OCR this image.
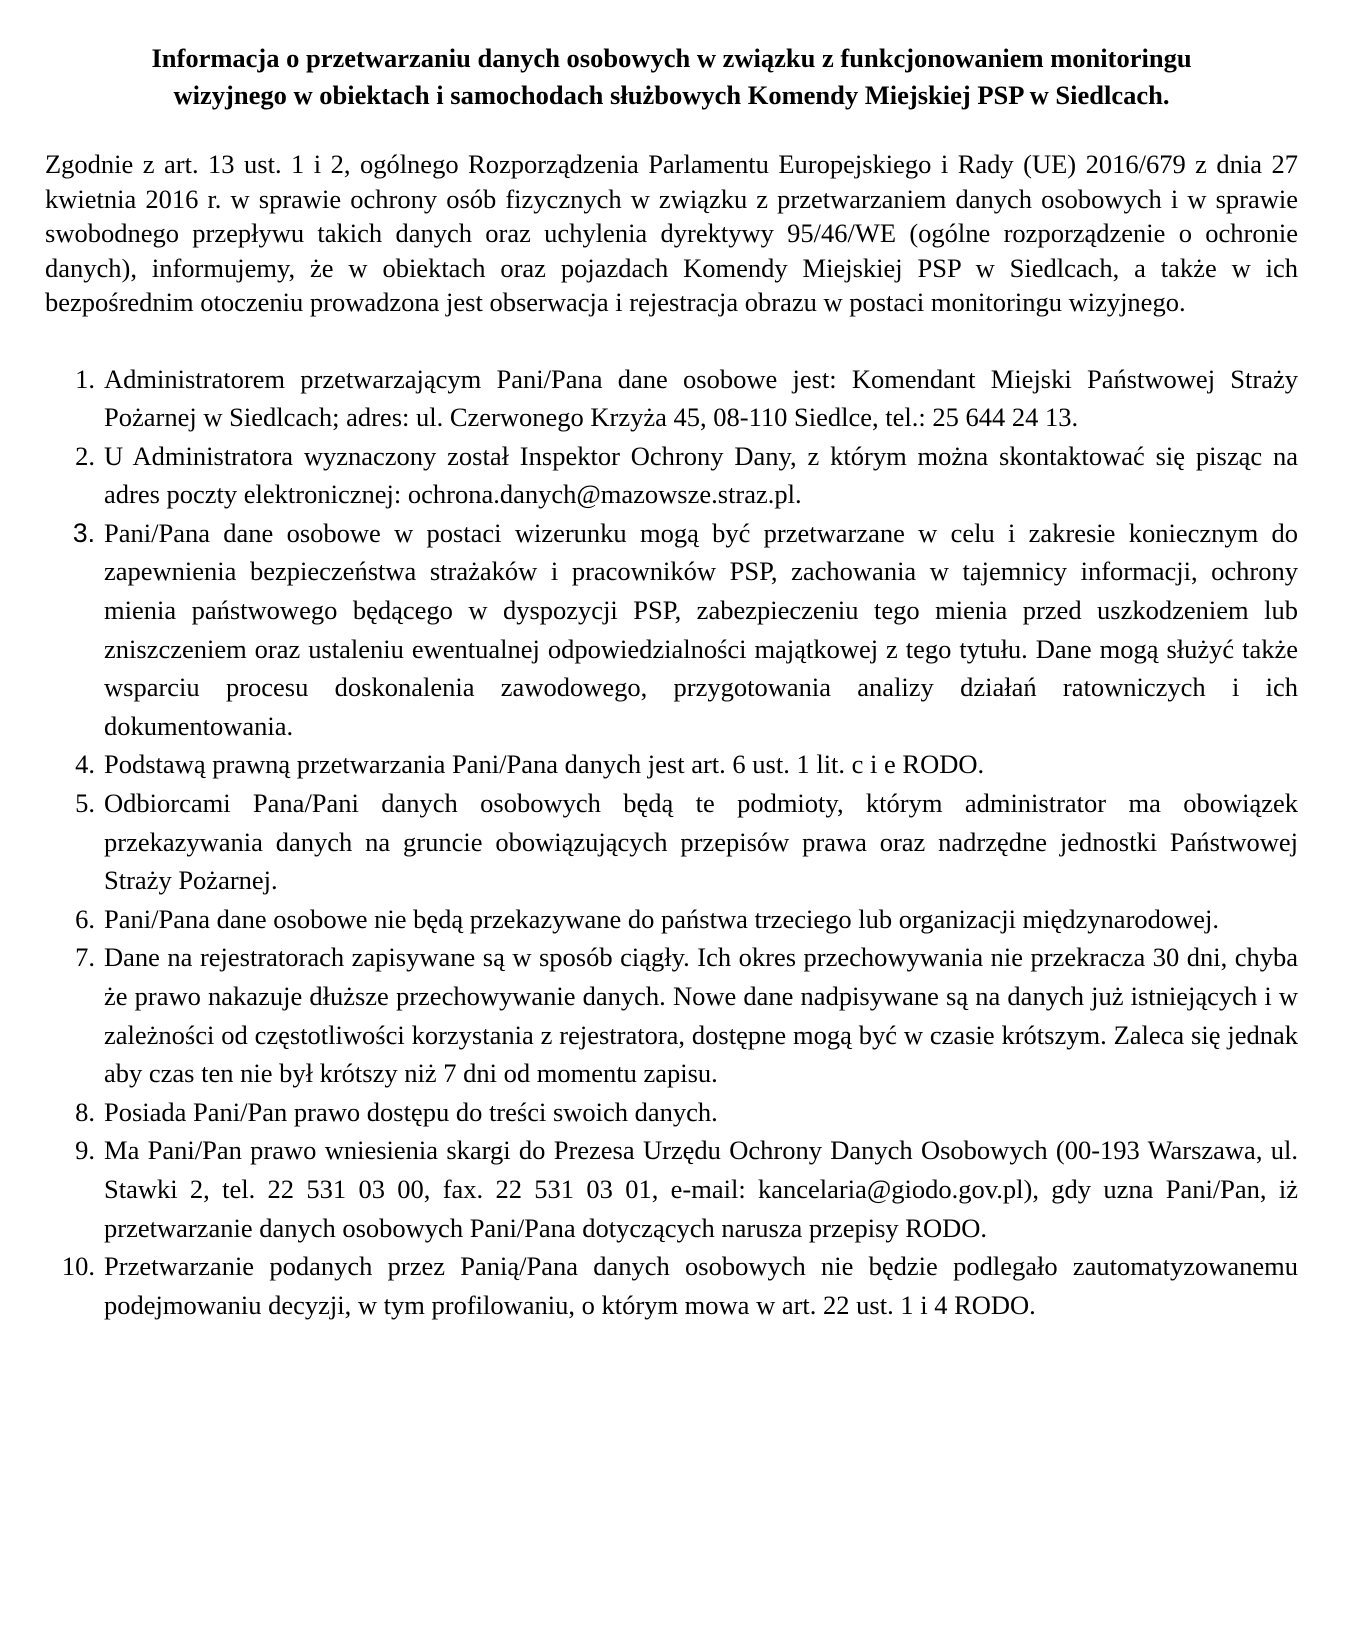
Informacja o przetwarzaniu danych osobowych w związku z funkcjonowaniem monitoringu
wizyjnego w obiektach i samochodach służbowych Komendy Miejskiej PSP w Siedlcach.

Zgodnie z art. 13 ust. 1 i 2, ogólnego Rozporządzenia Parlamentu Europejskiego i Rady (UE) 2016/679 z dnia 27 kwietnia 2016 r. w sprawie ochrony osób fizycznych w związku z przetwarzaniem danych osobowych i w sprawie swobodnego przepływu takich danych oraz uchylenia dyrektywy 95/46/WE (ogólne rozporządzenie o ochronie danych), informujemy, że w obiektach oraz pojazdach Komendy Miejskiej PSP w Siedlcach, a także w ich bezpośrednim otoczeniu prowadzona jest obserwacja i rejestracja obrazu w postaci monitoringu wizyjnego.

1. Administratorem przetwarzającym Pani/Pana dane osobowe jest: Komendant Miejski Państwowej Straży Pożarnej w Siedlcach; adres: ul. Czerwonego Krzyża 45, 08-110 Siedlce, tel.: 25 644 24 13.
2. U Administratora wyznaczony został Inspektor Ochrony Dany, z którym można skontaktować się pisząc na adres poczty elektronicznej: ochrona.danych@mazowsze.straz.pl.
3. Pani/Pana dane osobowe w postaci wizerunku mogą być przetwarzane w celu i zakresie koniecznym do zapewnienia bezpieczeństwa strażaków i pracowników PSP, zachowania w tajemnicy informacji, ochrony mienia państwowego będącego w dyspozycji PSP, zabezpieczeniu tego mienia przed uszkodzeniem lub zniszczeniem oraz ustaleniu ewentualnej odpowiedzialności majątkowej z tego tytułu. Dane mogą służyć także wsparciu procesu doskonalenia zawodowego, przygotowania analizy działań ratowniczych i ich dokumentowania.
4. Podstawą prawną przetwarzania Pani/Pana danych jest art. 6 ust. 1 lit. c i e RODO.
5. Odbiorcami Pana/Pani danych osobowych będą te podmioty, którym administrator ma obowiązek przekazywania danych na gruncie obowiązujących przepisów prawa oraz nadrzędne jednostki Państwowej Straży Pożarnej.
6. Pani/Pana dane osobowe nie będą przekazywane do państwa trzeciego lub organizacji międzynarodowej.
7. Dane na rejestratorach zapisywane są w sposób ciągły. Ich okres przechowywania nie przekracza 30 dni, chyba że prawo nakazuje dłuższe przechowywanie danych. Nowe dane nadpisywane są na danych już istniejących i w zależności od częstotliwości korzystania z rejestratora, dostępne mogą być w czasie krótszym. Zaleca się jednak aby czas ten nie był krótszy niż 7 dni od momentu zapisu.
8. Posiada Pani/Pan prawo dostępu do treści swoich danych.
9. Ma Pani/Pan prawo wniesienia skargi do Prezesa Urzędu Ochrony Danych Osobowych (00-193 Warszawa, ul. Stawki 2, tel. 22 531 03 00, fax. 22 531 03 01, e-mail: kancelaria@giodo.gov.pl), gdy uzna Pani/Pan, iż przetwarzanie danych osobowych Pani/Pana dotyczących narusza przepisy RODO.
10. Przetwarzanie podanych przez Panią/Pana danych osobowych nie będzie podlegało zautomatyzowanemu podejmowaniu decyzji, w tym profilowaniu, o którym mowa w art. 22 ust. 1 i 4 RODO.
